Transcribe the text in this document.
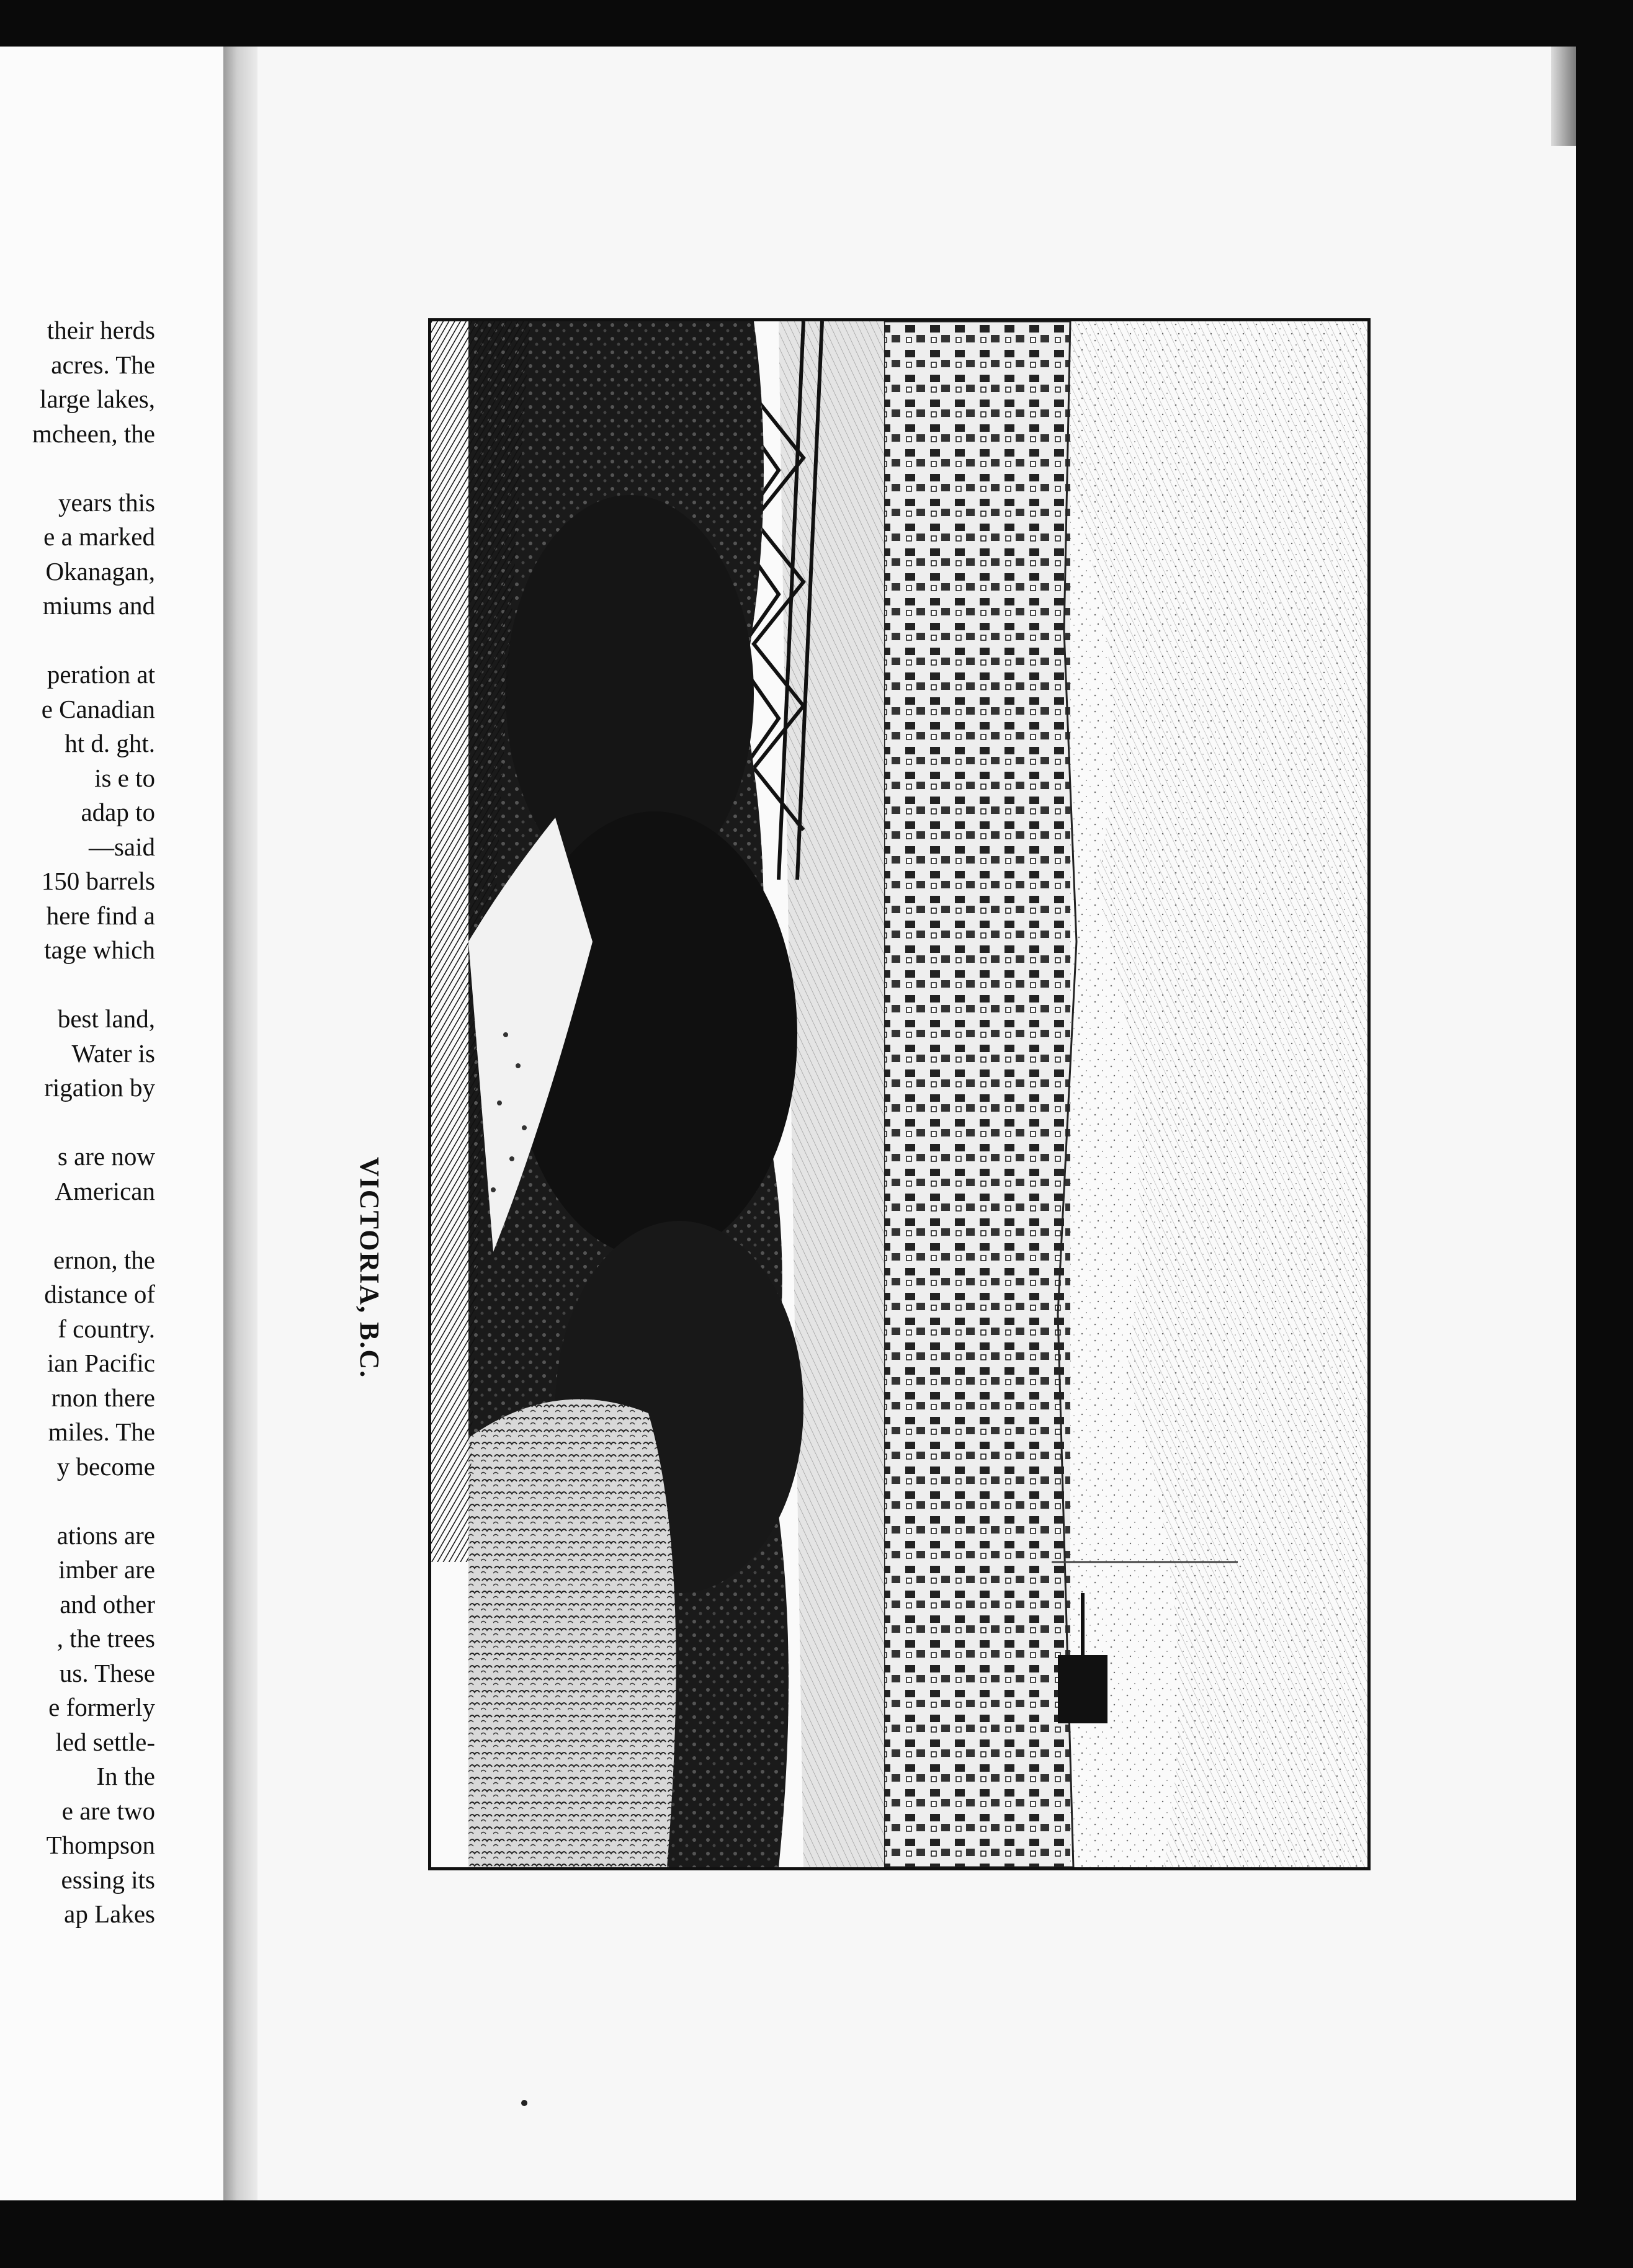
their herds
acres. The
large lakes,
mcheen, the
years this
e a marked
Okanagan,
miums and
peration at
e Canadian
ht d. ght.
is e to
adap to
—said
150 barrels
here find a
tage which
best land,
Water is
rigation by
s are now
American
ernon, the
distance of
f country.
ian Pacific
rnon there
miles. The
y become
ations are
imber are
and other
, the trees
us. These
e formerly
led settle-
In the
e are two
Thompson
essing its
ap Lakes
VICTORIA, B.C.
